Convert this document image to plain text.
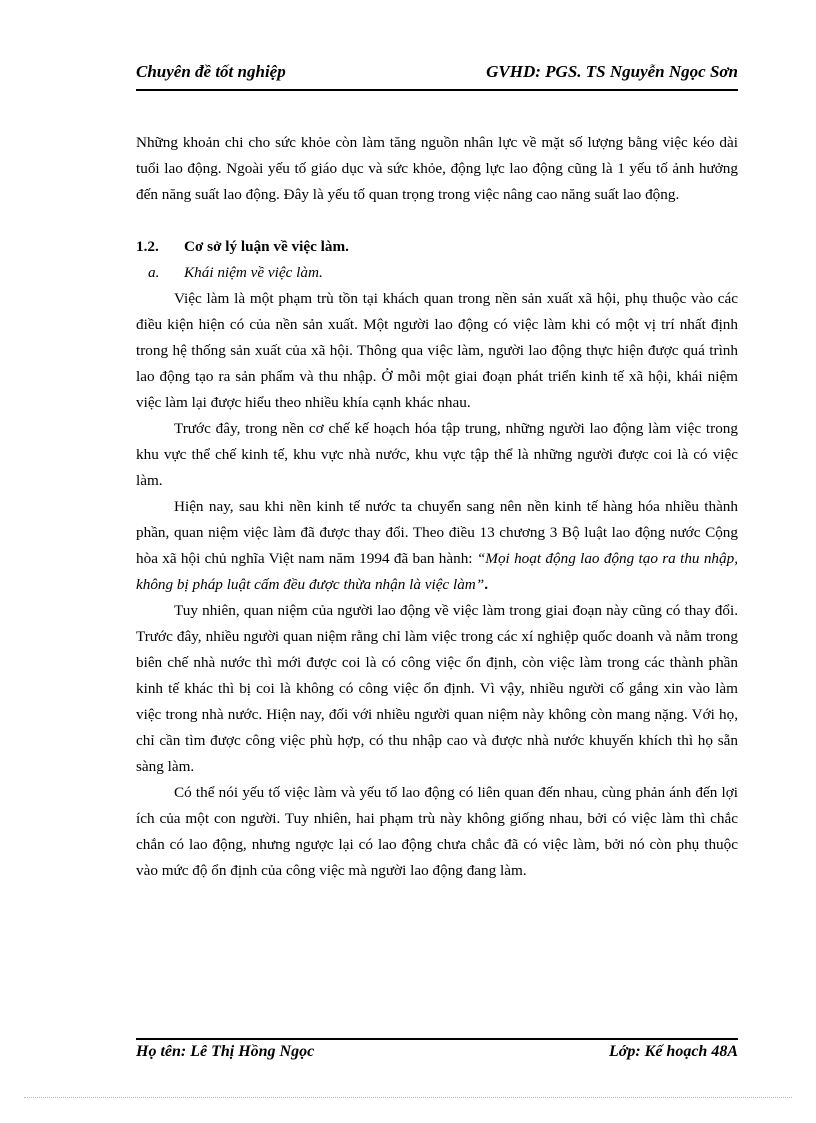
Chuyên đề tốt nghiệp	GVHD: PGS. TS Nguyễn Ngọc Sơn

Những khoản chi cho sức khỏe còn làm tăng nguồn nhân lực về mặt số lượng bằng việc kéo dài tuổi lao động. Ngoài yếu tố giáo dục và sức khỏe, động lực lao động cũng là 1 yếu tố ảnh hưởng đến năng suất lao động. Đây là yếu tố quan trọng trong việc nâng cao năng suất lao động.

1.2. Cơ sở lý luận về việc làm.

a. Khái niệm về việc làm.

Việc làm là một phạm trù tồn tại khách quan trong nền sản xuất xã hội, phụ thuộc vào các điều kiện hiện có của nền sản xuất. Một người lao động có việc làm khi có một vị trí nhất định trong hệ thống sản xuất của xã hội. Thông qua việc làm, người lao động thực hiện được quá trình lao động tạo ra sản phẩm và thu nhập. Ở mỗi một giai đoạn phát triển kinh tế xã hội, khái niệm việc làm lại được hiểu theo nhiều khía cạnh khác nhau.

Trước đây, trong nền cơ chế kế hoạch hóa tập trung, những người lao động làm việc trong khu vực thể chế kinh tế, khu vực nhà nước, khu vực tập thể là những người được coi là có việc làm.

Hiện nay, sau khi nền kinh tế nước ta chuyển sang nên nền kinh tế hàng hóa nhiều thành phần, quan niệm việc làm đã được thay đổi. Theo điều 13 chương 3 Bộ luật lao động nước Cộng hòa xã hội chủ nghĩa Việt nam năm 1994 đã ban hành: “Mọi hoạt động lao động tạo ra thu nhập, không bị pháp luật cấm đều được thừa nhận là việc làm”.

Tuy nhiên, quan niệm của người lao động về việc làm trong giai đoạn này cũng có thay đổi. Trước đây, nhiều người quan niệm rằng chỉ làm việc trong các xí nghiệp quốc doanh và nằm trong biên chế nhà nước thì mới được coi là có công việc ổn định, còn việc làm trong các thành phần kinh tế khác thì bị coi là không có công việc ổn định. Vì vậy, nhiều người cố gắng xin vào làm việc trong nhà nước. Hiện nay, đối với nhiều người quan niệm này không còn mang nặng. Với họ, chỉ cần tìm được công việc phù hợp, có thu nhập cao và được nhà nước khuyến khích thì họ sẵn sàng làm.

Có thể nói yếu tố việc làm và yếu tố lao động có liên quan đến nhau, cùng phản ánh đến lợi ích của một con người. Tuy nhiên, hai phạm trù này không giống nhau, bởi có việc làm thì chắc chắn có lao động, nhưng ngược lại có lao động chưa chắc đã có việc làm, bởi nó còn phụ thuộc vào mức độ ổn định của công việc mà người lao động đang làm.

Họ tên: Lê Thị Hồng Ngọc	Lớp: Kế hoạch 48A
